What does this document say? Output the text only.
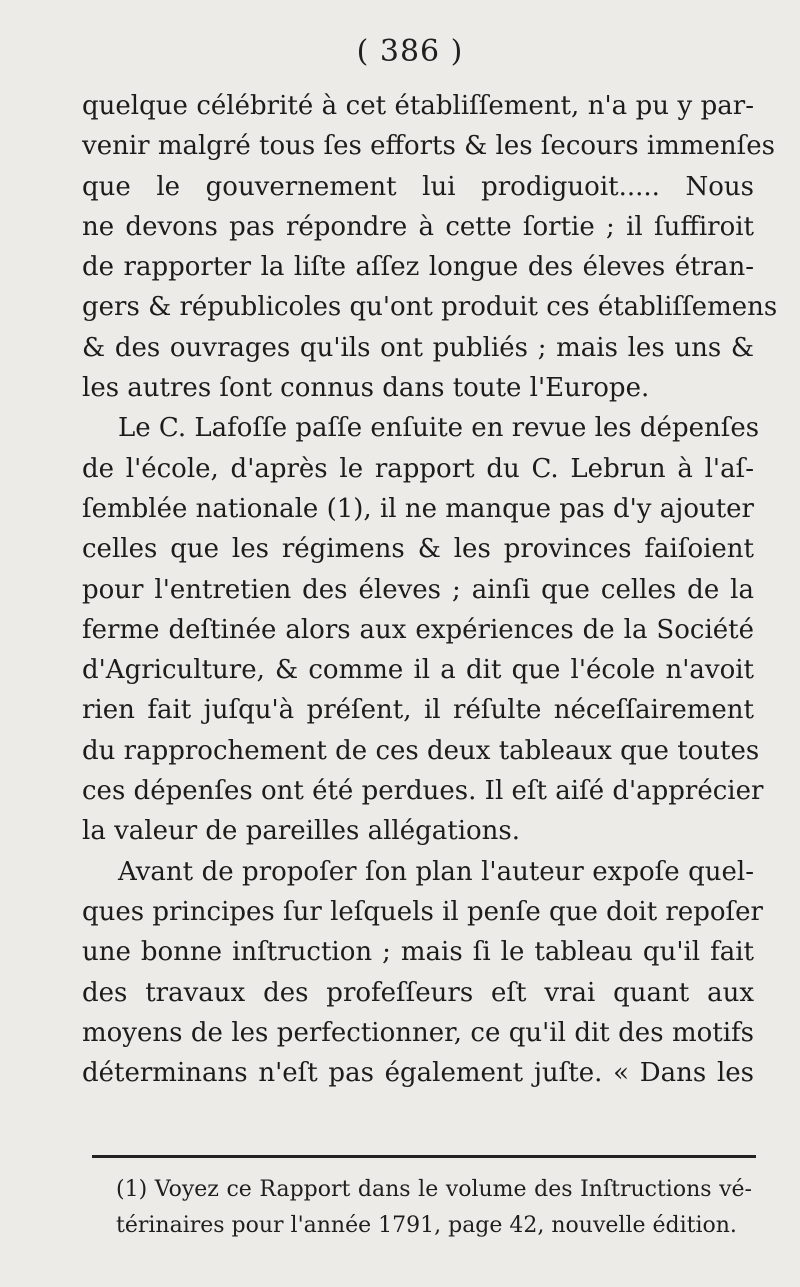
( 386 )
quelque célébrité à cet établiſſement, n'a pu y par-
venir malgré tous ſes efforts & les ſecours immenſes
que le gouvernement lui prodiguoit..... Nous
ne devons pas répondre à cette ſortie ; il ſuffiroit
de rapporter la liſte aſſez longue des éleves étran-
gers & républicoles qu'ont produit ces établiſſemens
& des ouvrages qu'ils ont publiés ; mais les uns &
les autres ſont connus dans toute l'Europe.
Le C. Lafoſſe paſſe enſuite en revue les dépenſes
de l'école, d'après le rapport du C. Lebrun à l'aſ-
ſemblée nationale (1), il ne manque pas d'y ajouter
celles que les régimens & les provinces faiſoient
pour l'entretien des éleves ; ainſi que celles de la
ferme deſtinée alors aux expériences de la Société
d'Agriculture, & comme il a dit que l'école n'avoit
rien fait juſqu'à préſent, il réſulte néceſſairement
du rapprochement de ces deux tableaux que toutes
ces dépenſes ont été perdues. Il eſt aiſé d'apprécier
la valeur de pareilles allégations.
Avant de propoſer ſon plan l'auteur expoſe quel-
ques principes ſur leſquels il penſe que doit repoſer
une bonne inſtruction ; mais ſi le tableau qu'il fait
des travaux des profeſſeurs eſt vrai quant aux
moyens de les perfectionner, ce qu'il dit des motifs
déterminans n'eſt pas également juſte. « Dans les
(1) Voyez ce Rapport dans le volume des Inſtructions vé-
térinaires pour l'année 1791, page 42, nouvelle édition.
